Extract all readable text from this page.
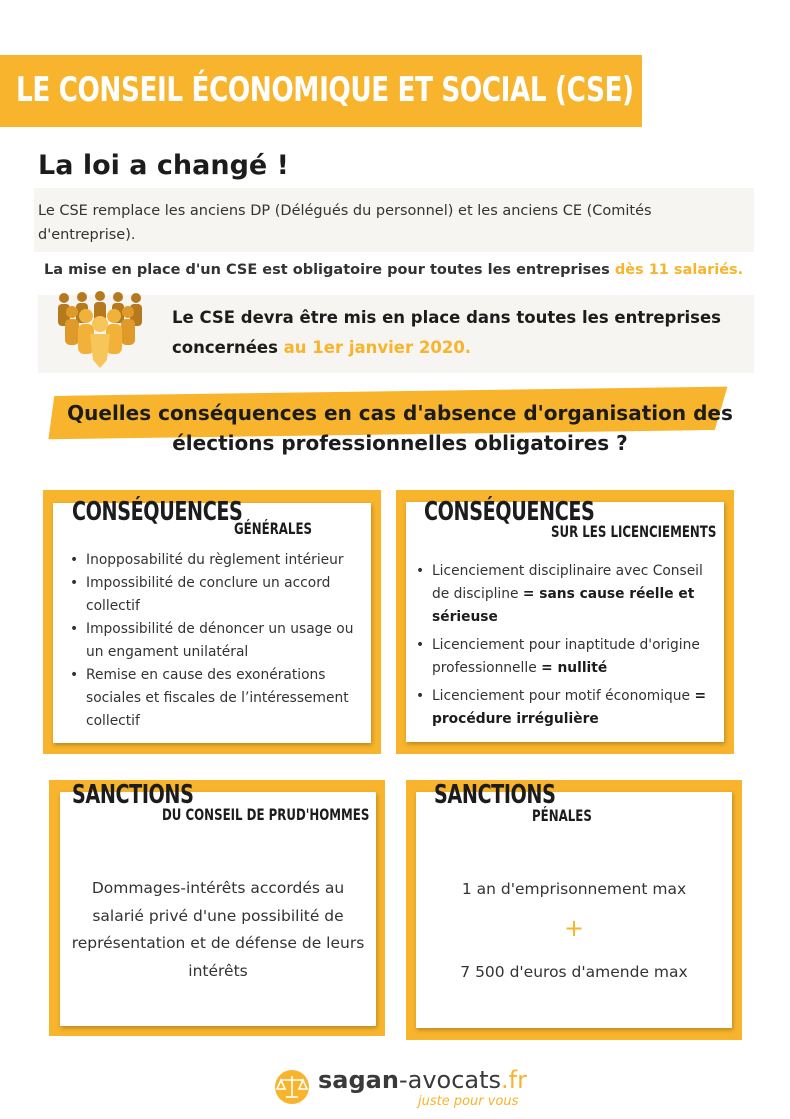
LE CONSEIL ÉCONOMIQUE ET SOCIAL (CSE)
La loi a changé !
Le CSE remplace les anciens DP (Délégués du personnel) et les anciens CE (Comités d'entreprise).
La mise en place d'un CSE est obligatoire pour toutes les entreprises dès 11 salariés.
Le CSE devra être mis en place dans toutes les entreprises concernées au 1er janvier 2020.
Quelles conséquences en cas d'absence d'organisation des élections professionnelles obligatoires ?
CONSÉQUENCES
GÉNÉRALES
• Inopposabilité du règlement intérieur
• Impossibilité de conclure un accord collectif
• Impossibilité de dénoncer un usage ou un engament unilatéral
• Remise en cause des exonérations sociales et fiscales de l’intéressement collectif
CONSÉQUENCES
SUR LES LICENCIEMENTS
• Licenciement disciplinaire avec Conseil de discipline = sans cause réelle et sérieuse
• Licenciement pour inaptitude d'origine professionnelle = nullité
• Licenciement pour motif économique = procédure irrégulière
SANCTIONS
DU CONSEIL DE PRUD'HOMMES
Dommages-intérêts accordés au salarié privé d'une possibilité de représentation et de défense de leurs intérêts
SANCTIONS
PÉNALES
1 an d'emprisonnement max
+
7 500 d'euros d'amende max
sagan-avocats.fr
juste pour vous
